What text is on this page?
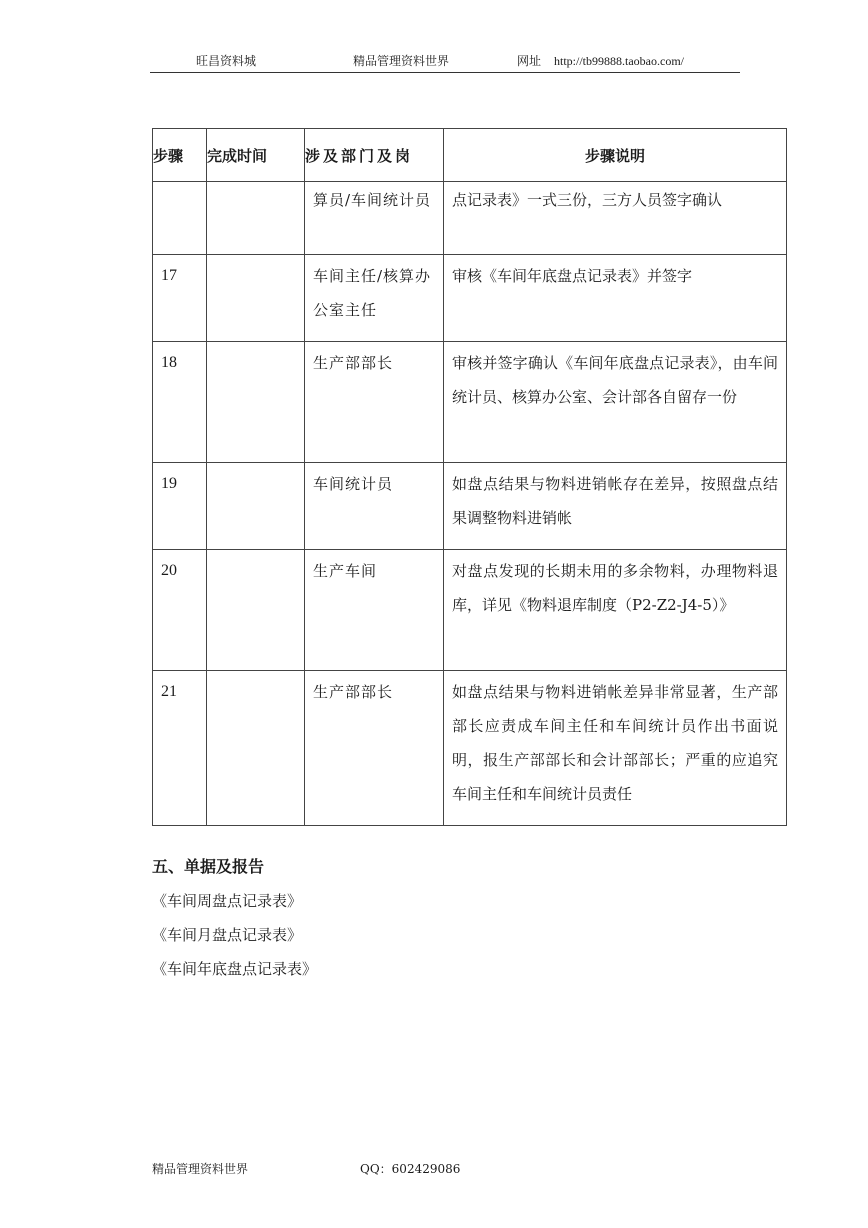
旺昌资料城	精品管理资料世界	网址 http://tb99888.taobao.com/
步骤	完成时间	涉及部门及岗	步骤说明

		算员/车间统计员	点记录表》一式三份，三方人员签字确认

17		车间主任/核算办公室主任	审核《车间年底盘点记录表》并签字

18		生产部部长	审核并签字确认《车间年底盘点记录表》，由车间统计员、核算办公室、会计部各自留存一份

19		车间统计员	如盘点结果与物料进销帐存在差异，按照盘点结果调整物料进销帐

20		生产车间	对盘点发现的长期未用的多余物料，办理物料退库，详见《物料退库制度（P2-Z2-J4-5）》

21		生产部部长	如盘点结果与物料进销帐差异非常显著，生产部部长应责成车间主任和车间统计员作出书面说明，报生产部部长和会计部部长；严重的应追究车间主任和车间统计员责任
五、单据及报告
《车间周盘点记录表》
《车间月盘点记录表》
《车间年底盘点记录表》
精品管理资料世界	QQ：602429086
